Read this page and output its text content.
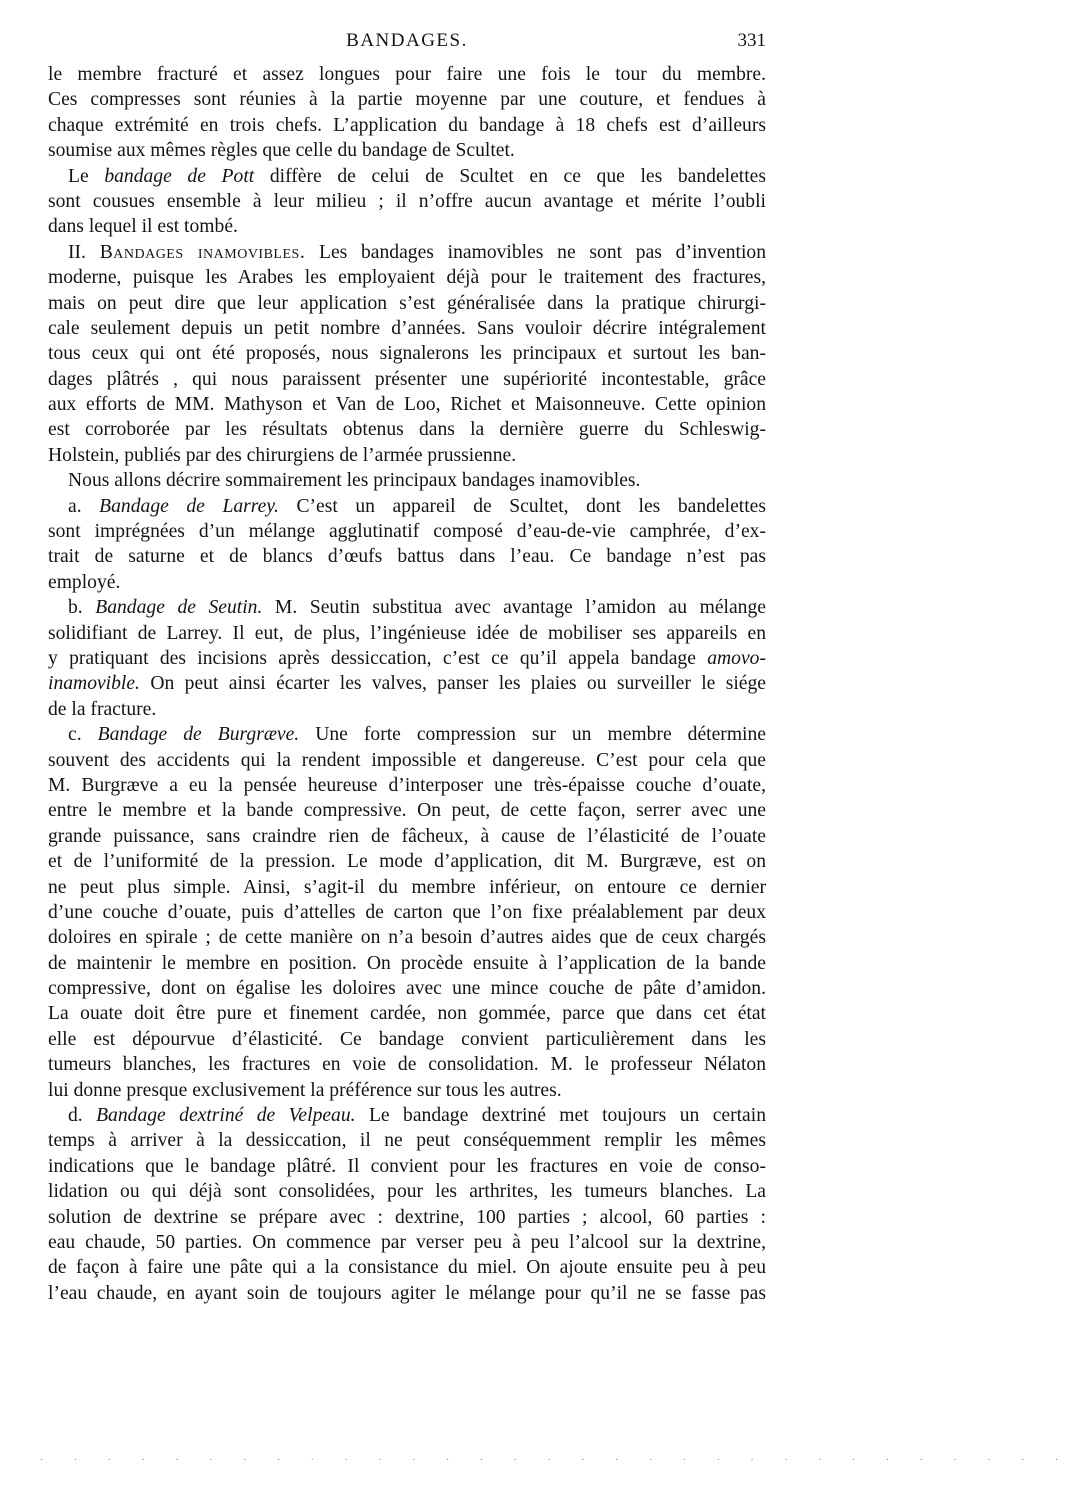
BANDAGES.	331
le membre fracturé et assez longues pour faire une fois le tour du membre.
Ces compresses sont réunies à la partie moyenne par une couture, et fendues à
chaque extrémité en trois chefs. L’application du bandage à 18 chefs est d’ailleurs
soumise aux mêmes règles que celle du bandage de Scultet.
Le bandage de Pott diffère de celui de Scultet en ce que les bandelettes
sont cousues ensemble à leur milieu ; il n’offre aucun avantage et mérite l’oubli
dans lequel il est tombé.
II. Bandages inamovibles. Les bandages inamovibles ne sont pas d’invention
moderne, puisque les Arabes les employaient déjà pour le traitement des fractures,
mais on peut dire que leur application s’est généralisée dans la pratique chirurgi-
cale seulement depuis un petit nombre d’années. Sans vouloir décrire intégralement
tous ceux qui ont été proposés, nous signalerons les principaux et surtout les ban-
dages plâtrés , qui nous paraissent présenter une supériorité incontestable, grâce
aux efforts de MM. Mathyson et Van de Loo, Richet et Maisonneuve. Cette opinion
est corroborée par les résultats obtenus dans la dernière guerre du Schleswig-
Holstein, publiés par des chirurgiens de l’armée prussienne.
Nous allons décrire sommairement les principaux bandages inamovibles.
a. Bandage de Larrey. C’est un appareil de Scultet, dont les bandelettes
sont imprégnées d’un mélange agglutinatif composé d’eau-de-vie camphrée, d’ex-
trait de saturne et de blancs d’œufs battus dans l’eau. Ce bandage n’est pas
employé.
b. Bandage de Seutin. M. Seutin substitua avec avantage l’amidon au mélange
solidifiant de Larrey. Il eut, de plus, l’ingénieuse idée de mobiliser ses appareils en
y pratiquant des incisions après dessiccation, c’est ce qu’il appela bandage amovo-
inamovible. On peut ainsi écarter les valves, panser les plaies ou surveiller le siége
de la fracture.
c. Bandage de Burgræve. Une forte compression sur un membre détermine
souvent des accidents qui la rendent impossible et dangereuse. C’est pour cela que
M. Burgræve a eu la pensée heureuse d’interposer une très-épaisse couche d’ouate,
entre le membre et la bande compressive. On peut, de cette façon, serrer avec une
grande puissance, sans craindre rien de fâcheux, à cause de l’élasticité de l’ouate
et de l’uniformité de la pression. Le mode d’application, dit M. Burgræve, est on
ne peut plus simple. Ainsi, s’agit-il du membre inférieur, on entoure ce dernier
d’une couche d’ouate, puis d’attelles de carton que l’on fixe préalablement par deux
doloires en spirale ; de cette manière on n’a besoin d’autres aides que de ceux chargés
de maintenir le membre en position. On procède ensuite à l’application de la bande
compressive, dont on égalise les doloires avec une mince couche de pâte d’amidon.
La ouate doit être pure et finement cardée, non gommée, parce que dans cet état
elle est dépourvue d’élasticité. Ce bandage convient particulièrement dans les
tumeurs blanches, les fractures en voie de consolidation. M. le professeur Nélaton
lui donne presque exclusivement la préférence sur tous les autres.
d. Bandage dextriné de Velpeau. Le bandage dextriné met toujours un certain
temps à arriver à la dessiccation, il ne peut conséquemment remplir les mêmes
indications que le bandage plâtré. Il convient pour les fractures en voie de conso-
lidation ou qui déjà sont consolidées, pour les arthrites, les tumeurs blanches. La
solution de dextrine se prépare avec : dextrine, 100 parties ; alcool, 60 parties :
eau chaude, 50 parties. On commence par verser peu à peu l’alcool sur la dextrine,
de façon à faire une pâte qui a la consistance du miel. On ajoute ensuite peu à peu
l’eau chaude, en ayant soin de toujours agiter le mélange pour qu’il ne se fasse pas
· · · · · · · · · · · · · · · · · · · · · · · · · · · · · · ·
